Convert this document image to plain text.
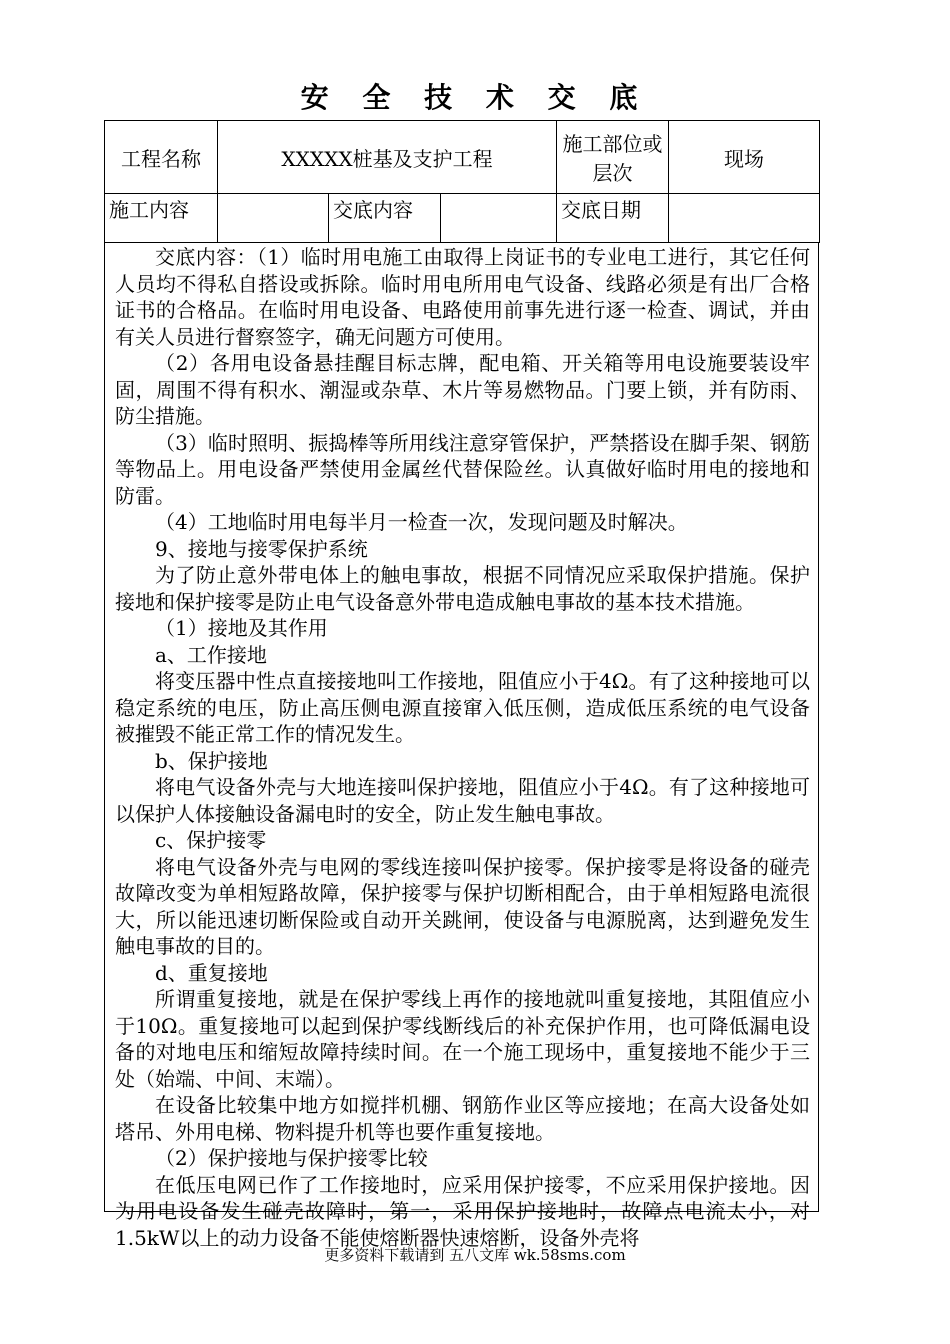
安 全 技 术 交 底
工程名称	XXXXX桩基及支护工程			施工部位或层次	现场
施工内容		交底内容		交底日期	

交底内容：（1）临时用电施工由取得上岗证书的专业电工进行，其它任何人员均不得私自搭设或拆除。临时用电所用电气设备、线路必须是有出厂合格证书的合格品。在临时用电设备、电路使用前事先进行逐一检查、调试，并由有关人员进行督察签字，确无问题方可使用。

（2）各用电设备悬挂醒目标志牌，配电箱、开关箱等用电设施要装设牢固，周围不得有积水、潮湿或杂草、木片等易燃物品。门要上锁，并有防雨、防尘措施。

（3）临时照明、振捣棒等所用线注意穿管保护，严禁搭设在脚手架、钢筋等物品上。用电设备严禁使用金属丝代替保险丝。认真做好临时用电的接地和防雷。

（4）工地临时用电每半月一检查一次，发现问题及时解决。

9、接地与接零保护系统

为了防止意外带电体上的触电事故，根据不同情况应采取保护措施。保护接地和保护接零是防止电气设备意外带电造成触电事故的基本技术措施。

（1）接地及其作用

a、工作接地

将变压器中性点直接接地叫工作接地，阻值应小于4Ω。有了这种接地可以稳定系统的电压，防止高压侧电源直接窜入低压侧，造成低压系统的电气设备被摧毁不能正常工作的情况发生。

b、保护接地

将电气设备外壳与大地连接叫保护接地，阻值应小于4Ω。有了这种接地可以保护人体接触设备漏电时的安全，防止发生触电事故。

c、保护接零

将电气设备外壳与电网的零线连接叫保护接零。保护接零是将设备的碰壳故障改变为单相短路故障，保护接零与保护切断相配合，由于单相短路电流很大，所以能迅速切断保险或自动开关跳闸，使设备与电源脱离，达到避免发生触电事故的目的。

d、重复接地

所谓重复接地，就是在保护零线上再作的接地就叫重复接地，其阻值应小于10Ω。重复接地可以起到保护零线断线后的补充保护作用，也可降低漏电设备的对地电压和缩短故障持续时间。在一个施工现场中，重复接地不能少于三处（始端、中间、末端）。

在设备比较集中地方如搅拌机棚、钢筋作业区等应接地；在高大设备处如塔吊、外用电梯、物料提升机等也要作重复接地。

（2）保护接地与保护接零比较

在低压电网已作了工作接地时，应采用保护接零，不应采用保护接地。因为用电设备发生碰壳故障时，第一，采用保护接地时，故障点电流太小，对1.5kW以上的动力设备不能使熔断器快速熔断，设备外壳将

更多资料下载请到 五八文库 wk.58sms.com
